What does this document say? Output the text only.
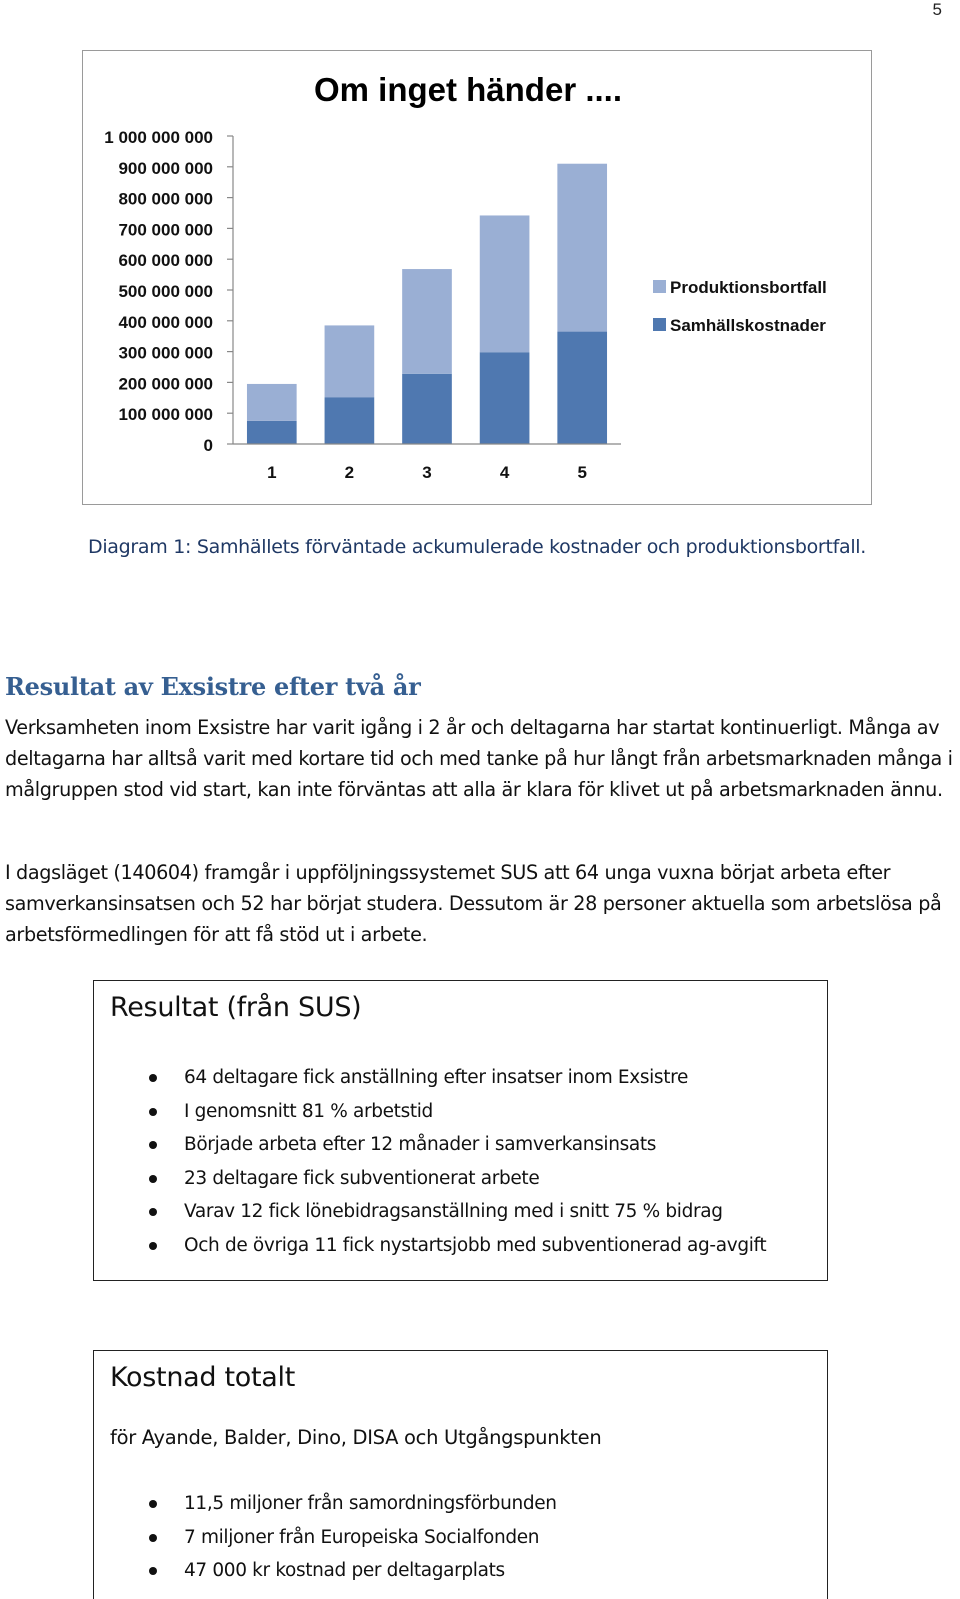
5
Om inget händer ....
0
100 000 000
200 000 000
300 000 000
400 000 000
500 000 000
600 000 000
700 000 000
800 000 000
900 000 000
1 000 000 000
1	2	3	4	5
Produktionsbortfall
Samhällskostnader
Diagram 1: Samhällets förväntade ackumulerade kostnader och produktionsbortfall.
Resultat av Exsistre efter två år

Verksamheten inom Exsistre har varit igång i 2 år och deltagarna har startat kontinuerligt. Många av deltagarna har alltså varit med kortare tid och med tanke på hur långt från arbetsmarknaden många i målgruppen stod vid start, kan inte förväntas att alla är klara för klivet ut på arbetsmarknaden ännu.

I dagsläget (140604) framgår i uppföljningssystemet SUS att 64 unga vuxna börjat arbeta efter samverkansinsatsen och 52 har börjat studera. Dessutom är 28 personer aktuella som arbetslösa på arbetsförmedlingen för att få stöd ut i arbete.

Resultat (från SUS)
64 deltagare fick anställning efter insatser inom Exsistre
I genomsnitt 81 % arbetstid
Började arbeta efter 12 månader i samverkansinsats
23 deltagare fick subventionerat arbete
Varav 12 fick lönebidragsanställning med i snitt 75 % bidrag
Och de övriga 11 fick nystartsjobb med subventionerad ag-avgift
Kostnad totalt
för Ayande, Balder, Dino, DISA och Utgångspunkten
11,5 miljoner från samordningsförbunden
7 miljoner från Europeiska Socialfonden
47 000 kr kostnad per deltagarplats
